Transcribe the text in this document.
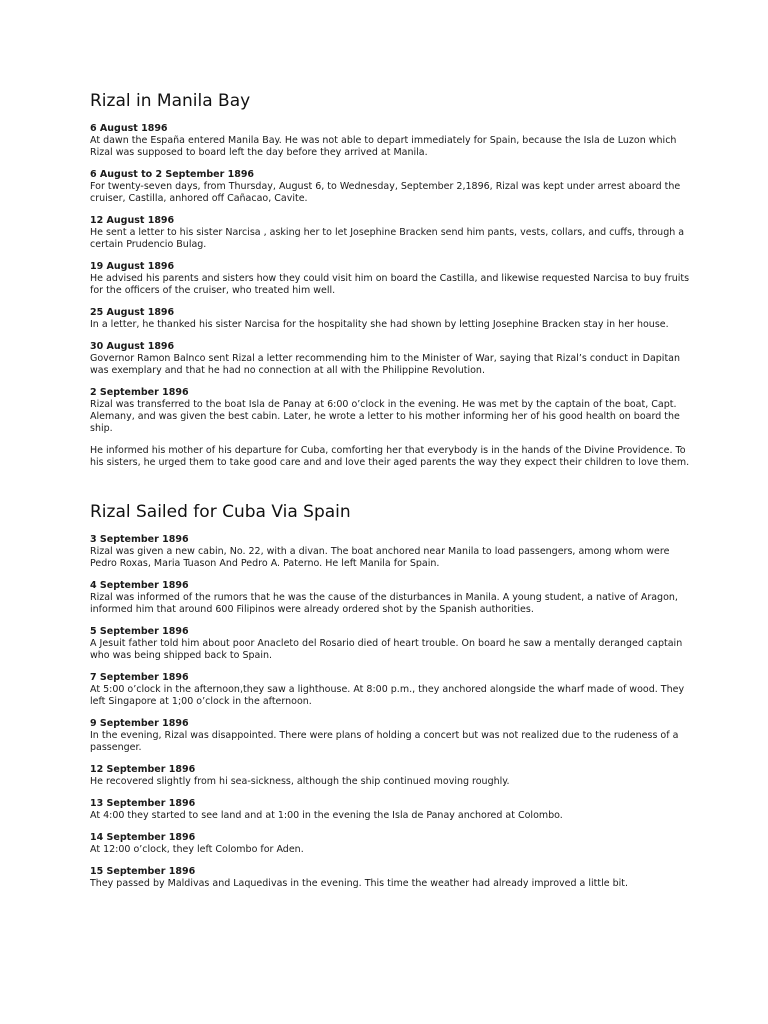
Rizal in Manila Bay

6 August 1896

At dawn the España entered Manila Bay. He was not able to depart immediately for Spain, because the Isla de Luzon which Rizal was supposed to board left the day before they arrived at Manila.

6 August to 2 September 1896

For twenty-seven days, from Thursday, August 6, to Wednesday, September 2,1896, Rizal was kept under arrest aboard the cruiser, Castilla, anhored off Cañacao, Cavite.

12 August 1896

He sent a letter to his sister Narcisa , asking her to let Josephine Bracken send him pants, vests, collars, and cuffs, through a certain Prudencio Bulag.

19 August 1896

He advised his parents and sisters how they could visit him on board the Castilla, and likewise requested Narcisa to buy fruits for the officers of the cruiser, who treated him well.

25 August 1896

In a letter, he thanked his sister Narcisa for the hospitality she had shown by letting Josephine Bracken stay in her house.

30 August 1896

Governor Ramon Balnco sent Rizal a letter recommending him to the Minister of War, saying that Rizal’s conduct in Dapitan was exemplary and that he had no connection at all with the Philippine Revolution.

2 September 1896

Rizal was transferred to the boat Isla de Panay at 6:00 o’clock in the evening. He was met by the captain of the boat, Capt. Alemany, and was given the best cabin. Later, he wrote a letter to his mother informing her of his good health on board the ship.

He informed his mother of his departure for Cuba, comforting her that everybody is in the hands of the Divine Providence. To his sisters, he urged them to take good care and and love their aged parents the way they expect their children to love them.

Rizal Sailed for Cuba Via Spain

3 September 1896

Rizal was given a new cabin, No. 22, with a divan. The boat anchored near Manila to load passengers, among whom were Pedro Roxas, Maria Tuason And Pedro A. Paterno. He left Manila for Spain.

4 September 1896

Rizal was informed of the rumors that he was the cause of the disturbances in Manila. A young student, a native of Aragon, informed him that around 600 Filipinos were already ordered shot by the Spanish authorities.

5 September 1896

A Jesuit father told him about poor Anacleto del Rosario died of heart trouble. On board he saw a mentally deranged captain who was being shipped back to Spain.

7 September 1896

At 5:00 o’clock in the afternoon,they saw a lighthouse. At 8:00 p.m., they anchored alongside the wharf made of wood. They left Singapore at 1;00 o’clock in the afternoon.

9 September 1896

In the evening, Rizal was disappointed. There were plans of holding a concert but was not realized due to the rudeness of a passenger.

12 September 1896

He recovered slightly from hi sea-sickness, although the ship continued moving roughly.

13 September 1896

At 4:00 they started to see land and at 1:00 in the evening the Isla de Panay anchored at Colombo.

14 September 1896

At 12:00 o’clock, they left Colombo for Aden.

15 September 1896

They passed by Maldivas and Laquedivas in the evening. This time the weather had already improved a little bit.
